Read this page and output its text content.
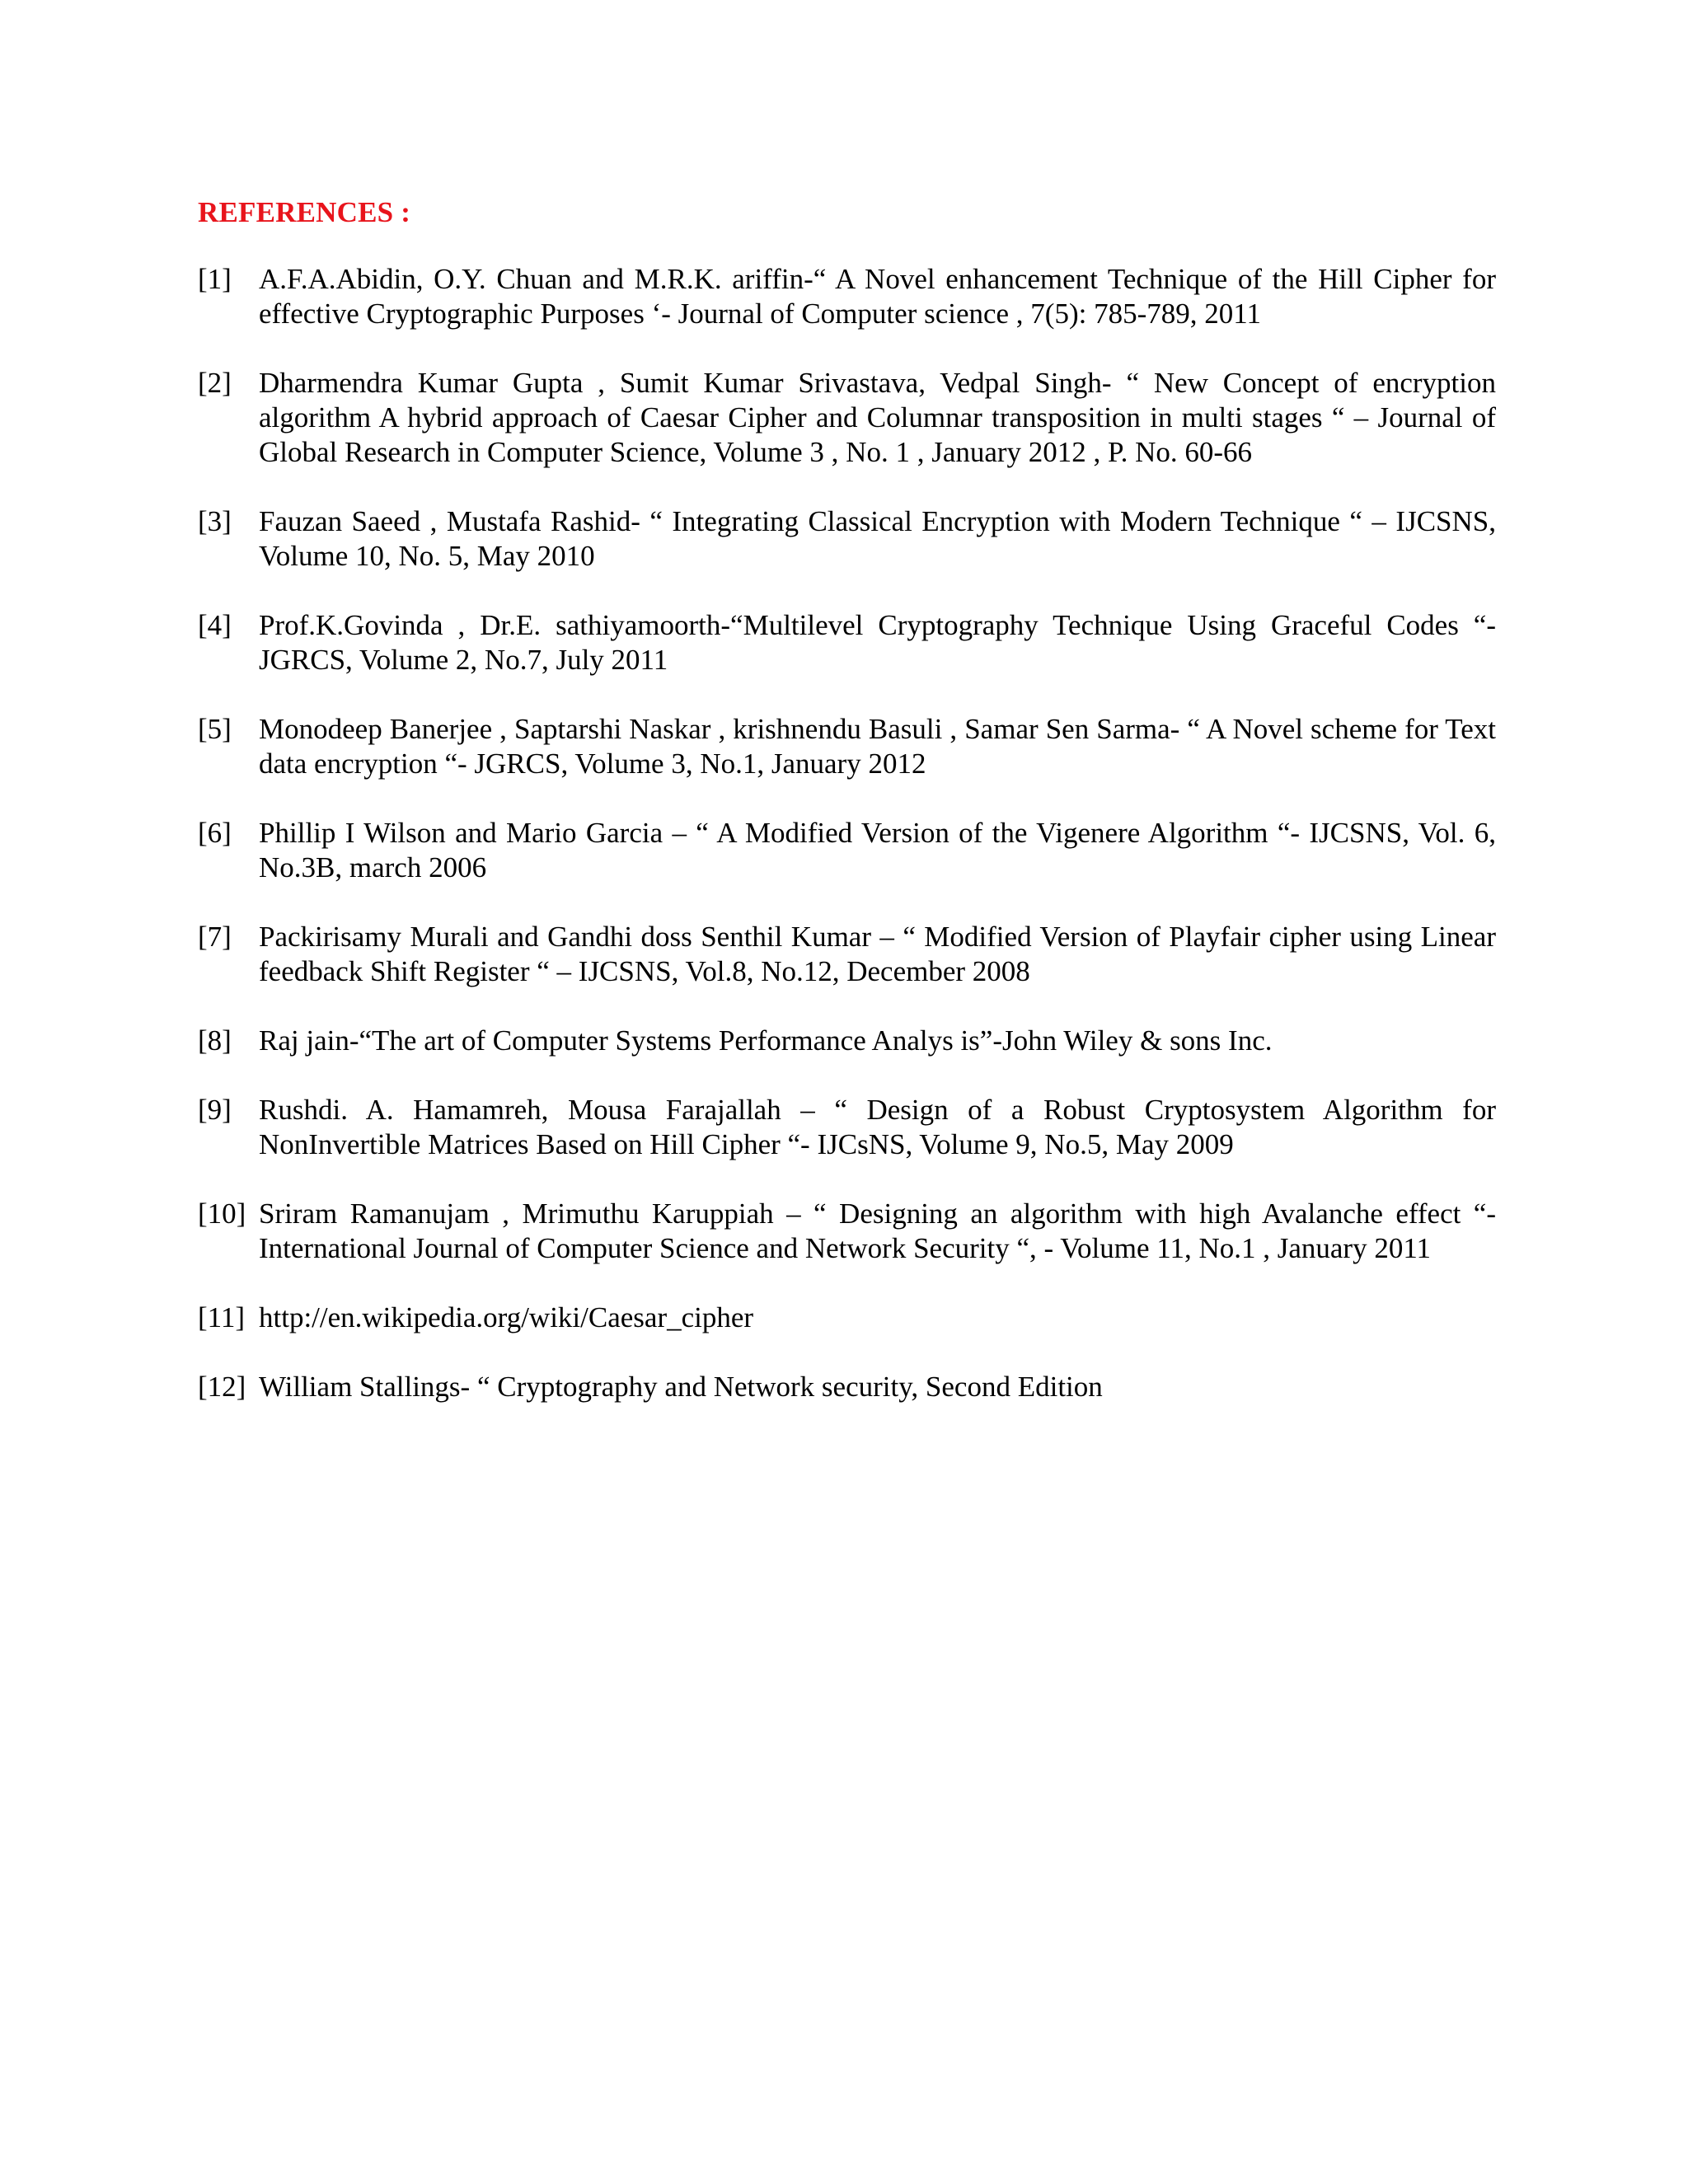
REFERENCES :
[1] A.F.A.Abidin, O.Y. Chuan and M.R.K. ariffin-“ A Novel enhancement Technique of the Hill Cipher for effective Cryptographic Purposes ‘- Journal of Computer science , 7(5): 785-789, 2011
[2] Dharmendra Kumar Gupta , Sumit Kumar Srivastava, Vedpal Singh- “ New Concept of encryption algorithm A hybrid approach of Caesar Cipher and Columnar transposition in multi stages “ – Journal of Global Research in Computer Science, Volume 3 , No. 1 , January 2012 , P. No. 60-66
[3] Fauzan Saeed , Mustafa Rashid- “ Integrating Classical Encryption with Modern Technique “ – IJCSNS, Volume 10, No. 5, May 2010
[4] Prof.K.Govinda , Dr.E. sathiyamoorth-“Multilevel Cryptography Technique Using Graceful Codes “- JGRCS, Volume 2, No.7, July 2011
[5] Monodeep Banerjee , Saptarshi Naskar , krishnendu Basuli , Samar Sen Sarma- “ A Novel scheme for Text data encryption “- JGRCS, Volume 3, No.1, January 2012
[6] Phillip I Wilson and Mario Garcia – “ A Modified Version of the Vigenere Algorithm “- IJCSNS, Vol. 6, No.3B, march 2006
[7] Packirisamy Murali and Gandhi doss Senthil Kumar – “ Modified Version of Playfair cipher using Linear feedback Shift Register “ – IJCSNS, Vol.8, No.12, December 2008
[8] Raj jain-“The art of Computer Systems Performance Analys is”-John Wiley & sons Inc.
[9] Rushdi. A. Hamamreh, Mousa Farajallah – “ Design of a Robust Cryptosystem Algorithm for NonInvertible Matrices Based on Hill Cipher “- IJCsNS, Volume 9, No.5, May 2009
[10] Sriram Ramanujam , Mrimuthu Karuppiah – “ Designing an algorithm with high Avalanche effect “- International Journal of Computer Science and Network Security “, - Volume 11, No.1 , January 2011
[11] http://en.wikipedia.org/wiki/Caesar_cipher
[12] William Stallings- “ Cryptography and Network security, Second Edition
